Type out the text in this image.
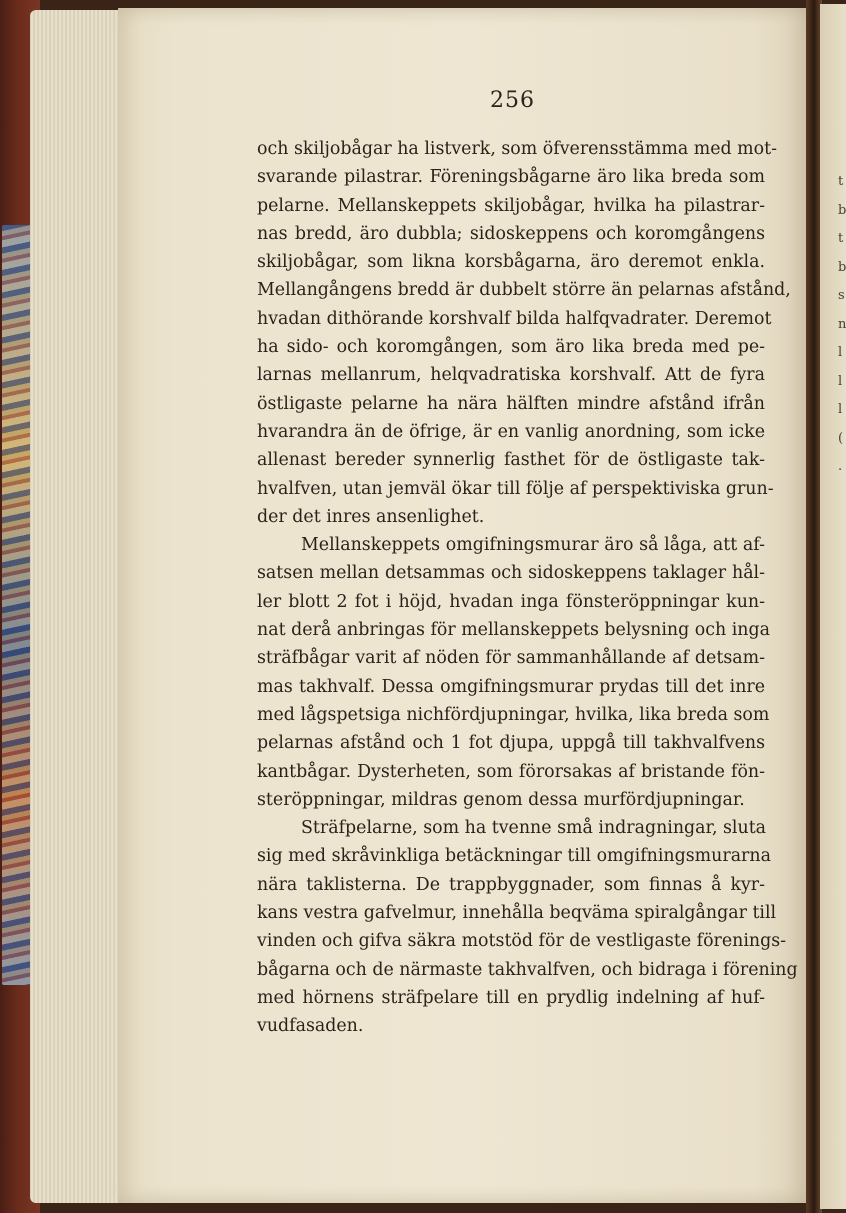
t
b
t
b
s
n
l
l
l
(
.
256
och skiljobågar ha listverk, som öfverensstämma med mot-
svarande pilastrar. Föreningsbågarne äro lika breda som
pelarne. Mellanskeppets skiljobågar, hvilka ha pilastrar-
nas bredd, äro dubbla; sidoskeppens och koromgångens
skiljobågar, som likna korsbågarna, äro deremot enkla.
Mellangångens bredd är dubbelt större än pelarnas afstånd,
hvadan dithörande korshvalf bilda halfqvadrater. Deremot
ha sido- och koromgången, som äro lika breda med pe-
larnas mellanrum, helqvadratiska korshvalf. Att de fyra
östligaste pelarne ha nära hälften mindre afstånd ifrån
hvarandra än de öfrige, är en vanlig anordning, som icke
allenast bereder synnerlig fasthet för de östligaste tak-
hvalfven, utan jemväl ökar till följe af perspektiviska grun-
der det inres ansenlighet.
Mellanskeppets omgifningsmurar äro så låga, att af-
satsen mellan detsammas och sidoskeppens taklager hål-
ler blott 2 fot i höjd, hvadan inga fönsteröppningar kun-
nat derå anbringas för mellanskeppets belysning och inga
sträfbågar varit af nöden för sammanhållande af detsam-
mas takhvalf. Dessa omgifningsmurar prydas till det inre
med lågspetsiga nichfördjupningar, hvilka, lika breda som
pelarnas afstånd och 1 fot djupa, uppgå till takhvalfvens
kantbågar. Dysterheten, som förorsakas af bristande fön-
steröppningar, mildras genom dessa murfördjupningar.
Sträfpelarne, som ha tvenne små indragningar, sluta
sig med skråvinkliga betäckningar till omgifningsmurarna
nära taklisterna. De trappbyggnader, som finnas å kyr-
kans vestra gafvelmur, innehålla beqväma spiralgångar till
vinden och gifva säkra motstöd för de vestligaste förenings-
bågarna och de närmaste takhvalfven, och bidraga i förening
med hörnens sträfpelare till en prydlig indelning af huf-
vudfasaden.
